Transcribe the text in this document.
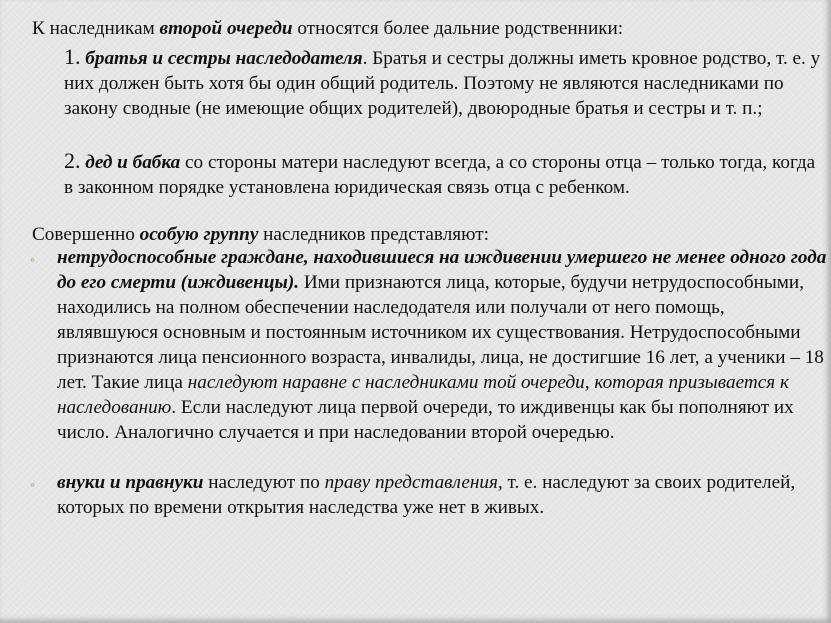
К наследникам второй очереди относятся более дальние родственники:
1. братья и сестры наследодателя. Братья и сестры должны иметь кровное родство, т. е. у них должен быть хотя бы один общий родитель. Поэтому не являются наследниками по закону сводные (не имеющие общих родителей), двоюродные братья и сестры и т. п.;
2. дед и бабка со стороны матери наследуют всегда, а со стороны отца – только тогда, когда в законном порядке установлена юридическая связь отца с ребенком.
Совершенно особую группу наследников представляют:
॰ нетрудоспособные граждане, находившиеся на иждивении умершего не менее одного года до его смерти (иждивенцы). Ими признаются лица, которые, будучи нетрудоспособными, находились на полном обеспечении наследодателя или получали от него помощь, являвшуюся основным и постоянным источником их существования. Нетрудоспособными признаются лица пенсионного возраста, инвалиды, лица, не достигшие 16 лет, а ученики – 18 лет. Такие лица наследуют наравне с наследниками той очереди, которая призывается к наследованию. Если наследуют лица первой очереди, то иждивенцы как бы пополняют их число. Аналогично случается и при наследовании второй очередью.
॰ внуки и правнуки наследуют по праву представления, т. е. наследуют за своих родителей, которых по времени открытия наследства уже нет в живых.
